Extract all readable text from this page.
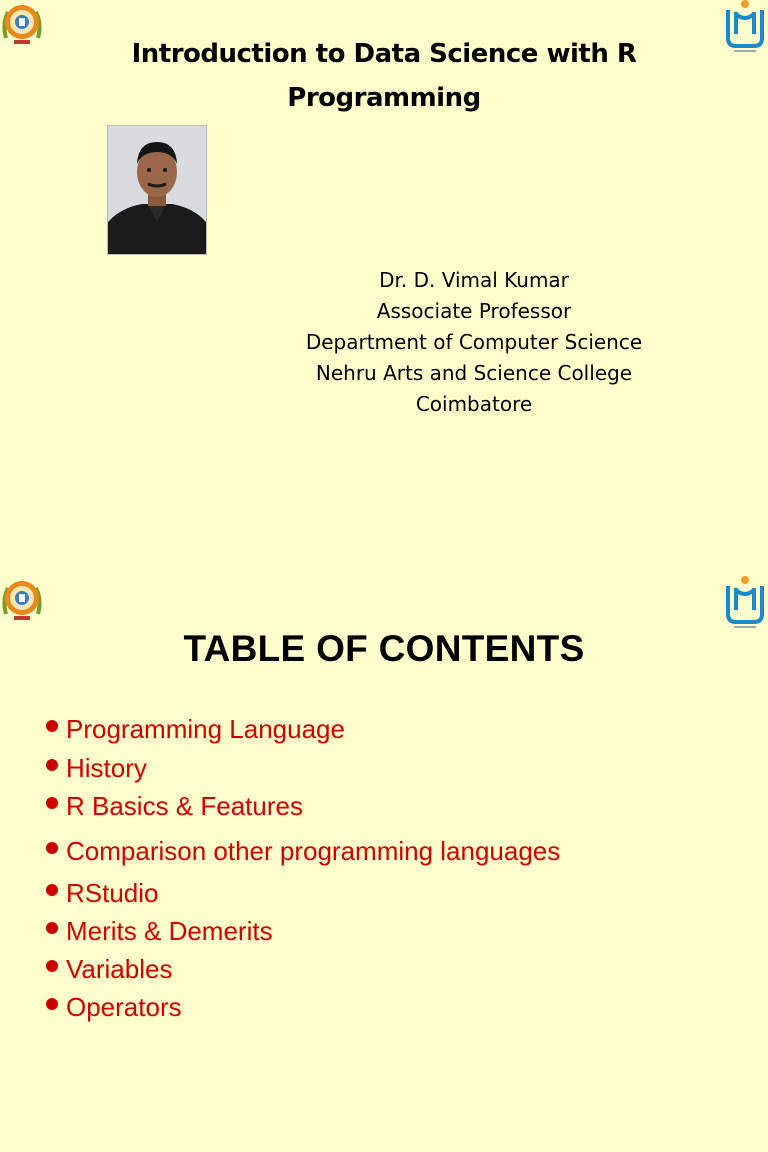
Introduction to Data Science with R
Programming
Dr. D. Vimal Kumar
Associate Professor
Department of Computer Science
Nehru Arts and Science College
Coimbatore
TABLE OF CONTENTS
Programming Language
History
R Basics & Features
Comparison other programming languages
RStudio
Merits & Demerits
Variables
Operators
